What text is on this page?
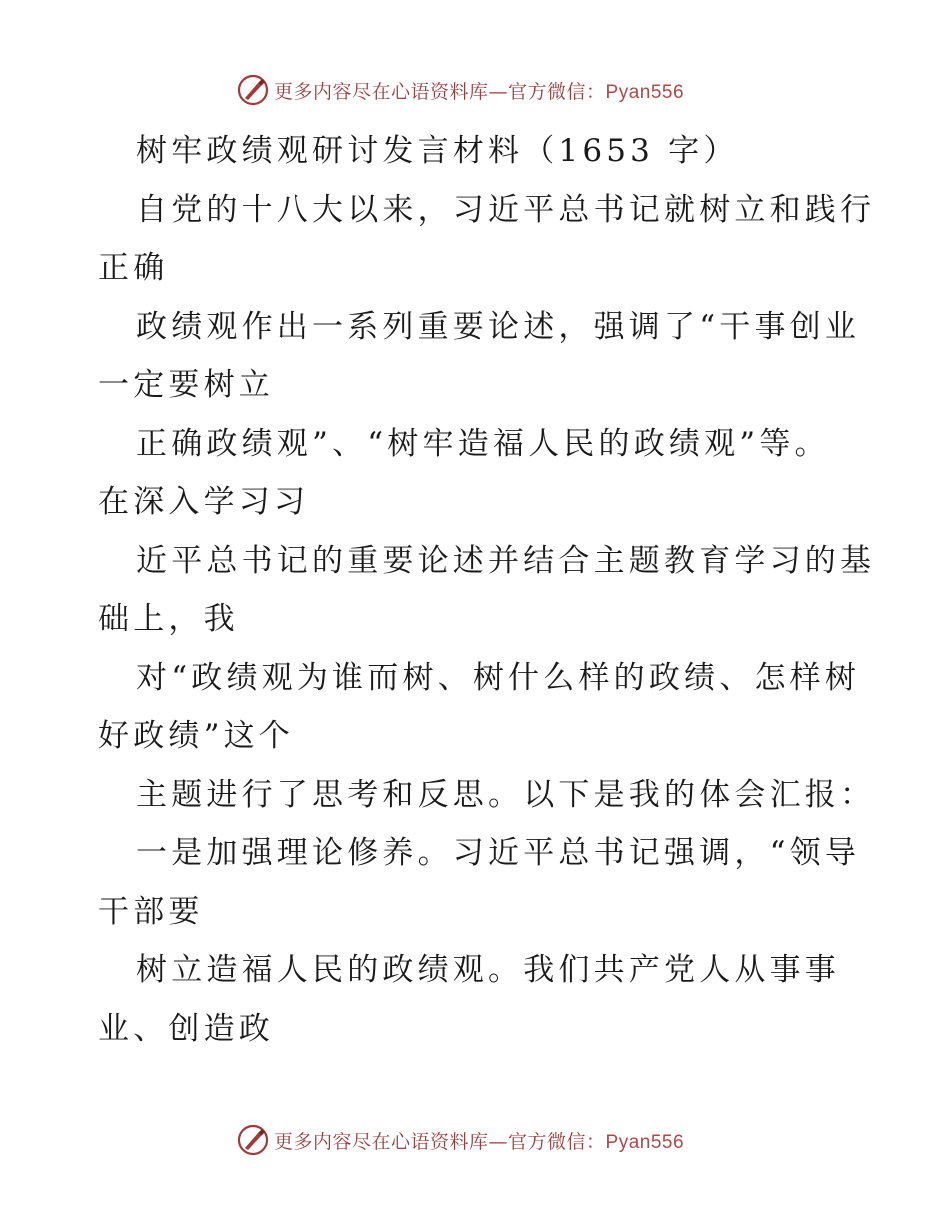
更多内容尽在心语资料库—官方微信：Pyan556

树牢政绩观研讨发言材料（1653 字）

自党的十八大以来，习近平总书记就树立和践行

正确

政绩观作出一系列重要论述，强调了“干事创业

一定要树立

正确政绩观”、“树牢造福人民的政绩观”等。

在深入学习习

近平总书记的重要论述并结合主题教育学习的基

础上，我

对“政绩观为谁而树、树什么样的政绩、怎样树

好政绩”这个

主题进行了思考和反思。以下是我的体会汇报：

一是加强理论修养。习近平总书记强调，“领导

干部要

树立造福人民的政绩观。我们共产党人从事事

业、创造政

更多内容尽在心语资料库—官方微信：Pyan556
